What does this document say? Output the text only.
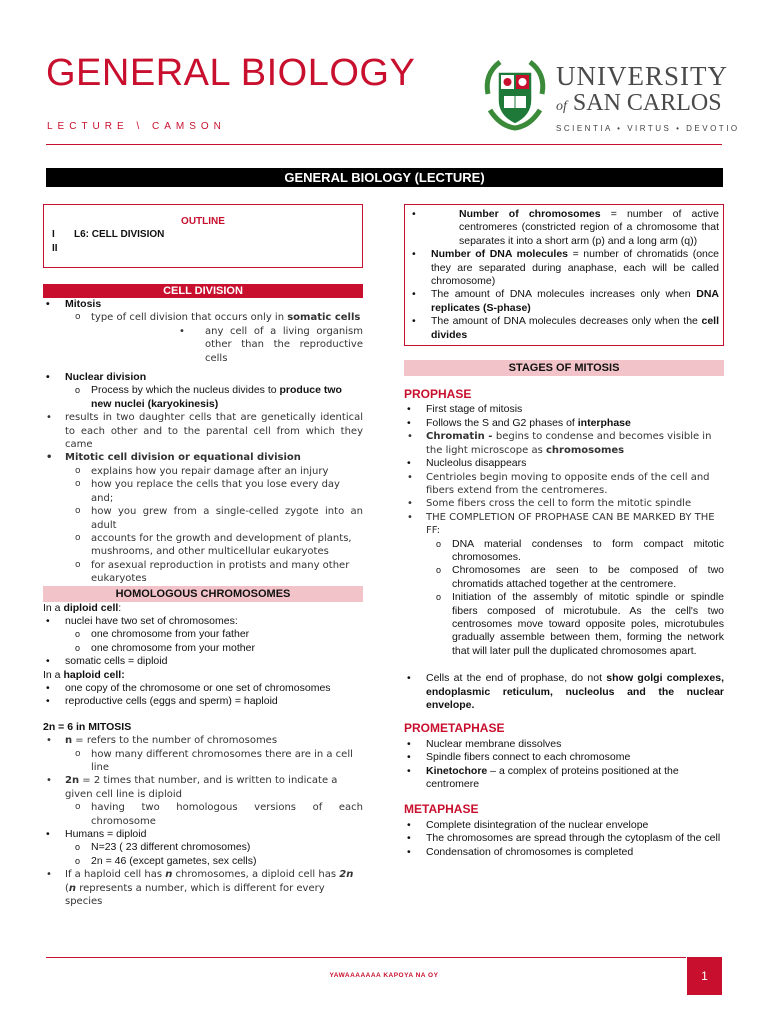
GENERAL BIOLOGY
LECTURE \ CAMSON
UNIVERSITY
of SAN CARLOS
SCIENTIA • VIRTUS • DEVOTIO
GENERAL BIOLOGY (LECTURE)
OUTLINE
I L6: CELL DIVISION
II
CELL DIVISION
• Mitosis
o type of cell division that occurs only in somatic cells
• any cell of a living organism other than the reproductive cells
• Nuclear division
o Process by which the nucleus divides to produce two new nuclei (karyokinesis)
• results in two daughter cells that are genetically identical to each other and to the parental cell from which they came
• Mitotic cell division or equational division
o explains how you repair damage after an injury
o how you replace the cells that you lose every day and;
o how you grew from a single-celled zygote into an adult
o accounts for the growth and development of plants, mushrooms, and other multicellular eukaryotes
o for asexual reproduction in protists and many other eukaryotes
HOMOLOGOUS CHROMOSOMES
In a diploid cell:
• nuclei have two set of chromosomes:
o one chromosome from your father
o one chromosome from your mother
• somatic cells = diploid
In a haploid cell:
• one copy of the chromosome or one set of chromosomes
• reproductive cells (eggs and sperm) = haploid
2n = 6 in MITOSIS
• n = refers to the number of chromosomes
o how many different chromosomes there are in a cell line
• 2n = 2 times that number, and is written to indicate a given cell line is diploid
o having two homologous versions of each chromosome
• Humans = diploid
o N=23 ( 23 different chromosomes)
o 2n = 46 (except gametes, sex cells)
• If a haploid cell has n chromosomes, a diploid cell has 2n (n represents a number, which is different for every species
• Number of chromosomes = number of active centromeres (constricted region of a chromosome that separates it into a short arm (p) and a long arm (q))
• Number of DNA molecules = number of chromatids (once they are separated during anaphase, each will be called chromosome)
• The amount of DNA molecules increases only when DNA replicates (S-phase)
• The amount of DNA molecules decreases only when the cell divides
STAGES OF MITOSIS
PROPHASE
• First stage of mitosis
• Follows the S and G2 phases of interphase
• Chromatin - begins to condense and becomes visible in the light microscope as chromosomes
• Nucleolus disappears
• Centrioles begin moving to opposite ends of the cell and fibers extend from the centromeres.
• Some fibers cross the cell to form the mitotic spindle
• THE COMPLETION OF PROPHASE CAN BE MARKED BY THE FF:
o DNA material condenses to form compact mitotic chromosomes.
o Chromosomes are seen to be composed of two chromatids attached together at the centromere.
o Initiation of the assembly of mitotic spindle or spindle fibers composed of microtubule. As the cell's two centrosomes move toward opposite poles, microtubules gradually assemble between them, forming the network that will later pull the duplicated chromosomes apart.
• Cells at the end of prophase, do not show golgi complexes, endoplasmic reticulum, nucleolus and the nuclear envelope.
PROMETAPHASE
• Nuclear membrane dissolves
• Spindle fibers connect to each chromosome
• Kinetochore – a complex of proteins positioned at the centromere
METAPHASE
• Complete disintegration of the nuclear envelope
• The chromosomes are spread through the cytoplasm of the cell
• Condensation of chromosomes is completed
YAWAAAAAAA KAPOYA NA OY	1
